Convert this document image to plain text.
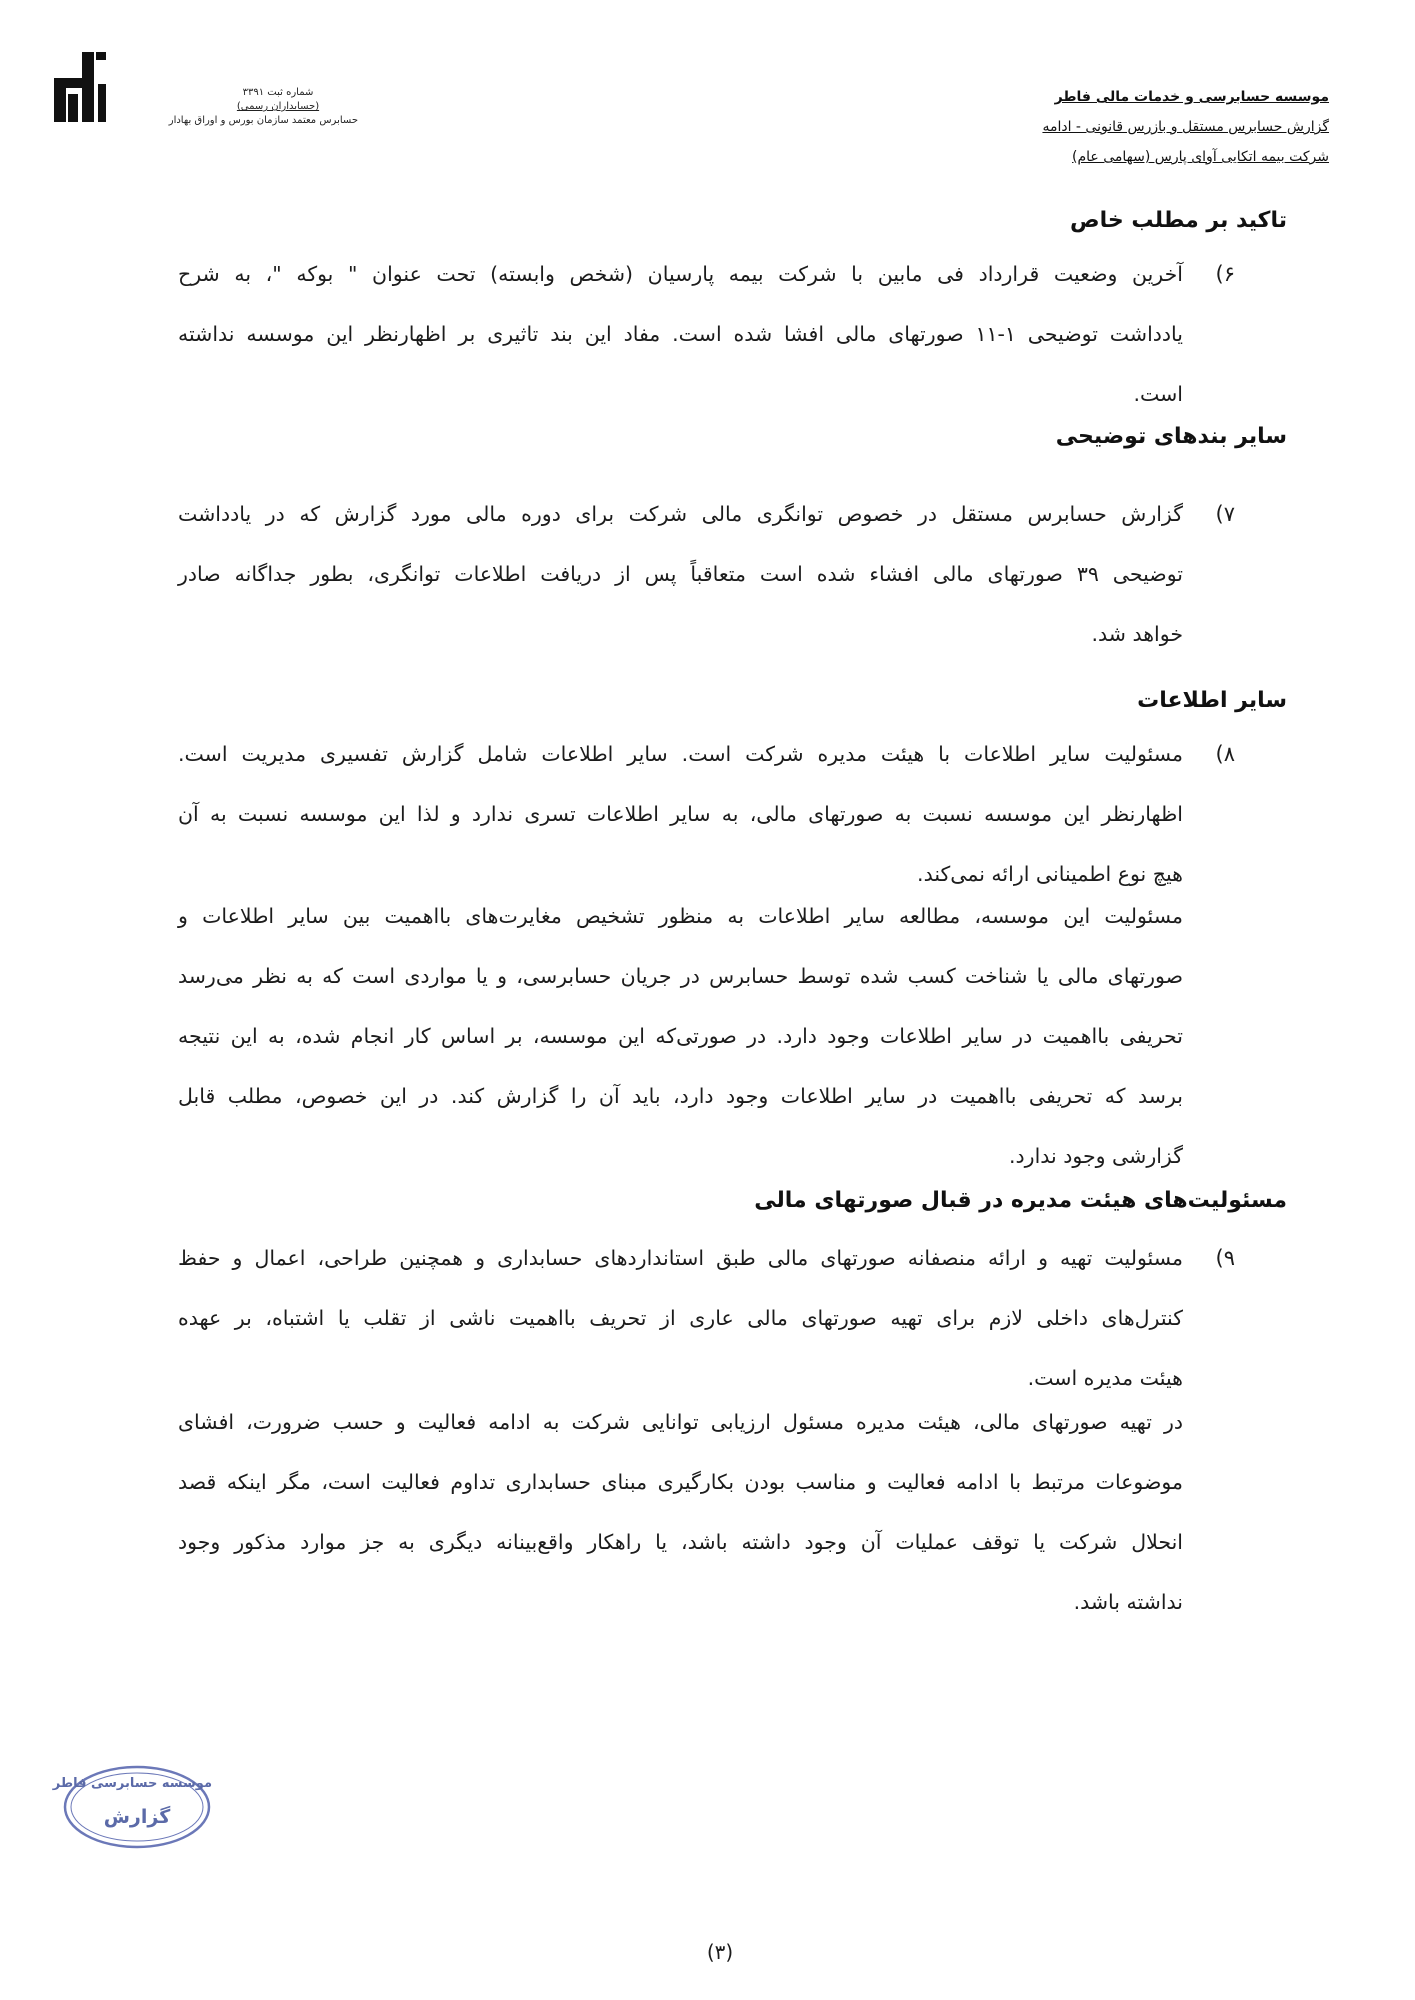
شماره ثبت ۳۳۹۱
(حسابداران رسمی)
حسابرس معتمد سازمان بورس و اوراق بهادار
موسسه حسابرسی و خدمات مالی فاطر
گزارش حسابرس مستقل و بازرس قانونی - ادامه
شرکت بیمه اتکایی آوای پارس (سهامی عام)
تاکید بر مطلب خاص
۶)
آخرین وضعیت قرارداد فی مابین با شرکت بیمه پارسیان (شخص وابسته) تحت عنوان " بوکه "، به شرح
یادداشت توضیحی ۱-۱۱ صورتهای مالی افشا شده است. مفاد این بند تاثیری بر اظهارنظر این موسسه نداشته
است.
سایر بندهای توضیحی
۷)
گزارش حسابرس مستقل در خصوص توانگری مالی شرکت برای دوره مالی مورد گزارش که در یادداشت
توضیحی ۳۹ صورتهای مالی افشاء شده است متعاقباً پس از دریافت اطلاعات توانگری، بطور جداگانه صادر
خواهد شد.
سایر اطلاعات
۸)
مسئولیت سایر اطلاعات با هیئت مدیره شرکت است. سایر اطلاعات شامل گزارش تفسیری مدیریت است.
اظهارنظر این موسسه نسبت به صورتهای مالی، به سایر اطلاعات تسری ندارد و لذا این موسسه نسبت به آن
هیچ نوع اطمینانی ارائه نمی‌کند.
مسئولیت این موسسه، مطالعه سایر اطلاعات به منظور تشخیص مغایرت‌های بااهمیت بین سایر اطلاعات و
صورتهای مالی یا شناخت کسب شده توسط حسابرس در جریان حسابرسی، و یا مواردی است که به نظر می‌رسد
تحریفی بااهمیت در سایر اطلاعات وجود دارد. در صورتی‌که این موسسه، بر اساس کار انجام شده، به این نتیجه
برسد که تحریفی بااهمیت در سایر اطلاعات وجود دارد، باید آن را گزارش کند. در این خصوص، مطلب قابل
گزارشی وجود ندارد.
مسئولیت‌های هیئت مدیره در قبال صورتهای مالی
۹)
مسئولیت تهیه و ارائه منصفانه صورتهای مالی طبق استانداردهای حسابداری و همچنین طراحی، اعمال و حفظ
کنترل‌های داخلی لازم برای تهیه صورتهای مالی عاری از تحریف بااهمیت ناشی از تقلب یا اشتباه، بر عهده
هیئت مدیره است.
در تهیه صورتهای مالی، هیئت مدیره مسئول ارزیابی توانایی شرکت به ادامه فعالیت و حسب ضرورت، افشای
موضوعات مرتبط با ادامه فعالیت و مناسب بودن بکارگیری مبنای حسابداری تداوم فعالیت است، مگر اینکه قصد
انحلال شرکت یا توقف عملیات آن وجود داشته باشد، یا راهکار واقع‌بینانه دیگری به جز موارد مذکور وجود
نداشته باشد.
موسسه حسابرسی فاطر
گزارش
(۳)
